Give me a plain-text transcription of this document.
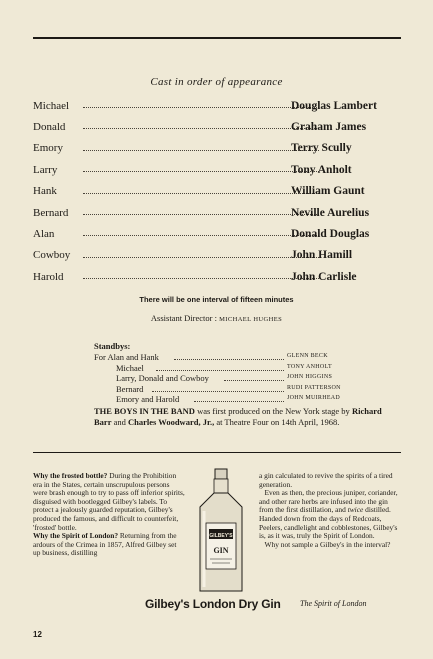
Cast in order of appearance
Michael	Douglas Lambert
Donald	Graham James
Emory	Terry Scully
Larry	Tony Anholt
Hank	William Gaunt
Bernard	Neville Aurelius
Alan	Donald Douglas
Cowboy	John Hamill
Harold	John Carlisle
There will be one interval of fifteen minutes
Assistant Director : MICHAEL HUGHES
Standbys:
For Alan and Hank	GLENN BECK
Michael	TONY ANHOLT
Larry, Donald and Cowboy	JOHN HIGGINS
Bernard	RUDI PATTERSON
Emory and Harold	JOHN MUIRHEAD
THE BOYS IN THE BAND was first produced on the New York stage by Richard Barr and Charles Woodward, Jr., at Theatre Four on 14th April, 1968.
Why the frosted bottle? During the Prohibition era in the States, certain unscrupulous persons were brash enough to try to pass off inferior spirits, disguised with bootlegged Gilbey's labels. To protect a jealously guarded reputation, Gilbey's produced the famous, and difficult to counterfeit, 'frosted' bottle.
Why the Spirit of London? Returning from the ardours of the Crimea in 1857, Alfred Gilbey set up business, distilling
GILBEY'S
GIN
a gin calculated to revive the spirits of a tired generation.
Even as then, the precious juniper, coriander, and other rare herbs are infused into the gin from the first distillation, and twice distilled. Handed down from the days of Redcoats, Peelers, candlelight and cobblestones, Gilbey's is, as it was, truly the Spirit of London.
Why not sample a Gilbey's in the interval?
Gilbey's London Dry Gin The Spirit of London
12
